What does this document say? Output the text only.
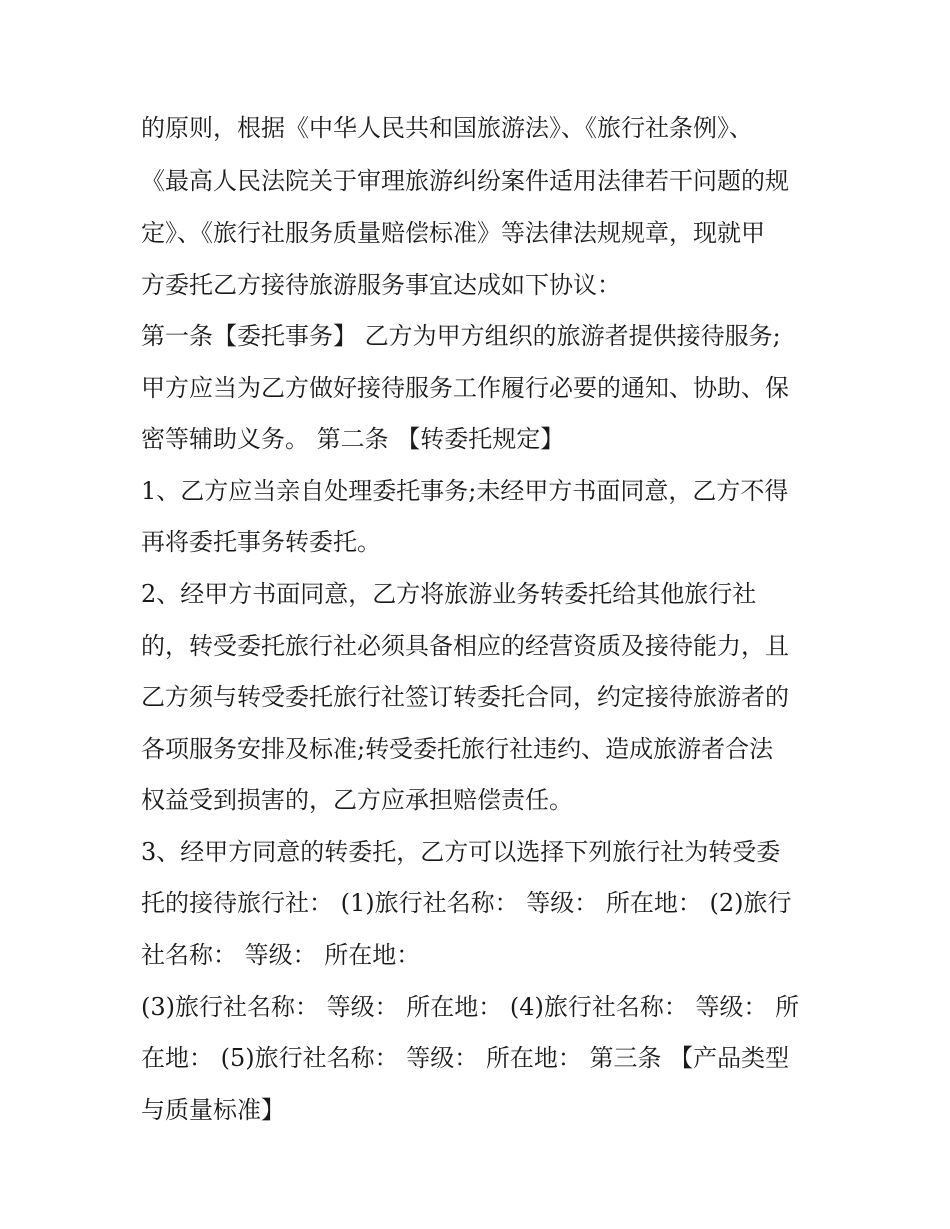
的原则，根据《中华人民共和国旅游法》、《旅行社条例》、
《最高人民法院关于审理旅游纠纷案件适用法律若干问题的规
定》、《旅行社服务质量赔偿标准》等法律法规规章，现就甲
方委托乙方接待旅游服务事宜达成如下协议：
第一条【委托事务】 乙方为甲方组织的旅游者提供接待服务;
甲方应当为乙方做好接待服务工作履行必要的通知、协助、保
密等辅助义务。 第二条 【转委托规定】
1、乙方应当亲自处理委托事务;未经甲方书面同意，乙方不得
再将委托事务转委托。
2、经甲方书面同意，乙方将旅游业务转委托给其他旅行社
的，转受委托旅行社必须具备相应的经营资质及接待能力，且
乙方须与转受委托旅行社签订转委托合同，约定接待旅游者的
各项服务安排及标准;转受委托旅行社违约、造成旅游者合法
权益受到损害的，乙方应承担赔偿责任。
3、经甲方同意的转委托，乙方可以选择下列旅行社为转受委
托的接待旅行社： (1)旅行社名称： 等级： 所在地： (2)旅行
社名称： 等级： 所在地：
(3)旅行社名称： 等级： 所在地： (4)旅行社名称： 等级： 所
在地： (5)旅行社名称： 等级： 所在地： 第三条 【产品类型
与质量标准】
